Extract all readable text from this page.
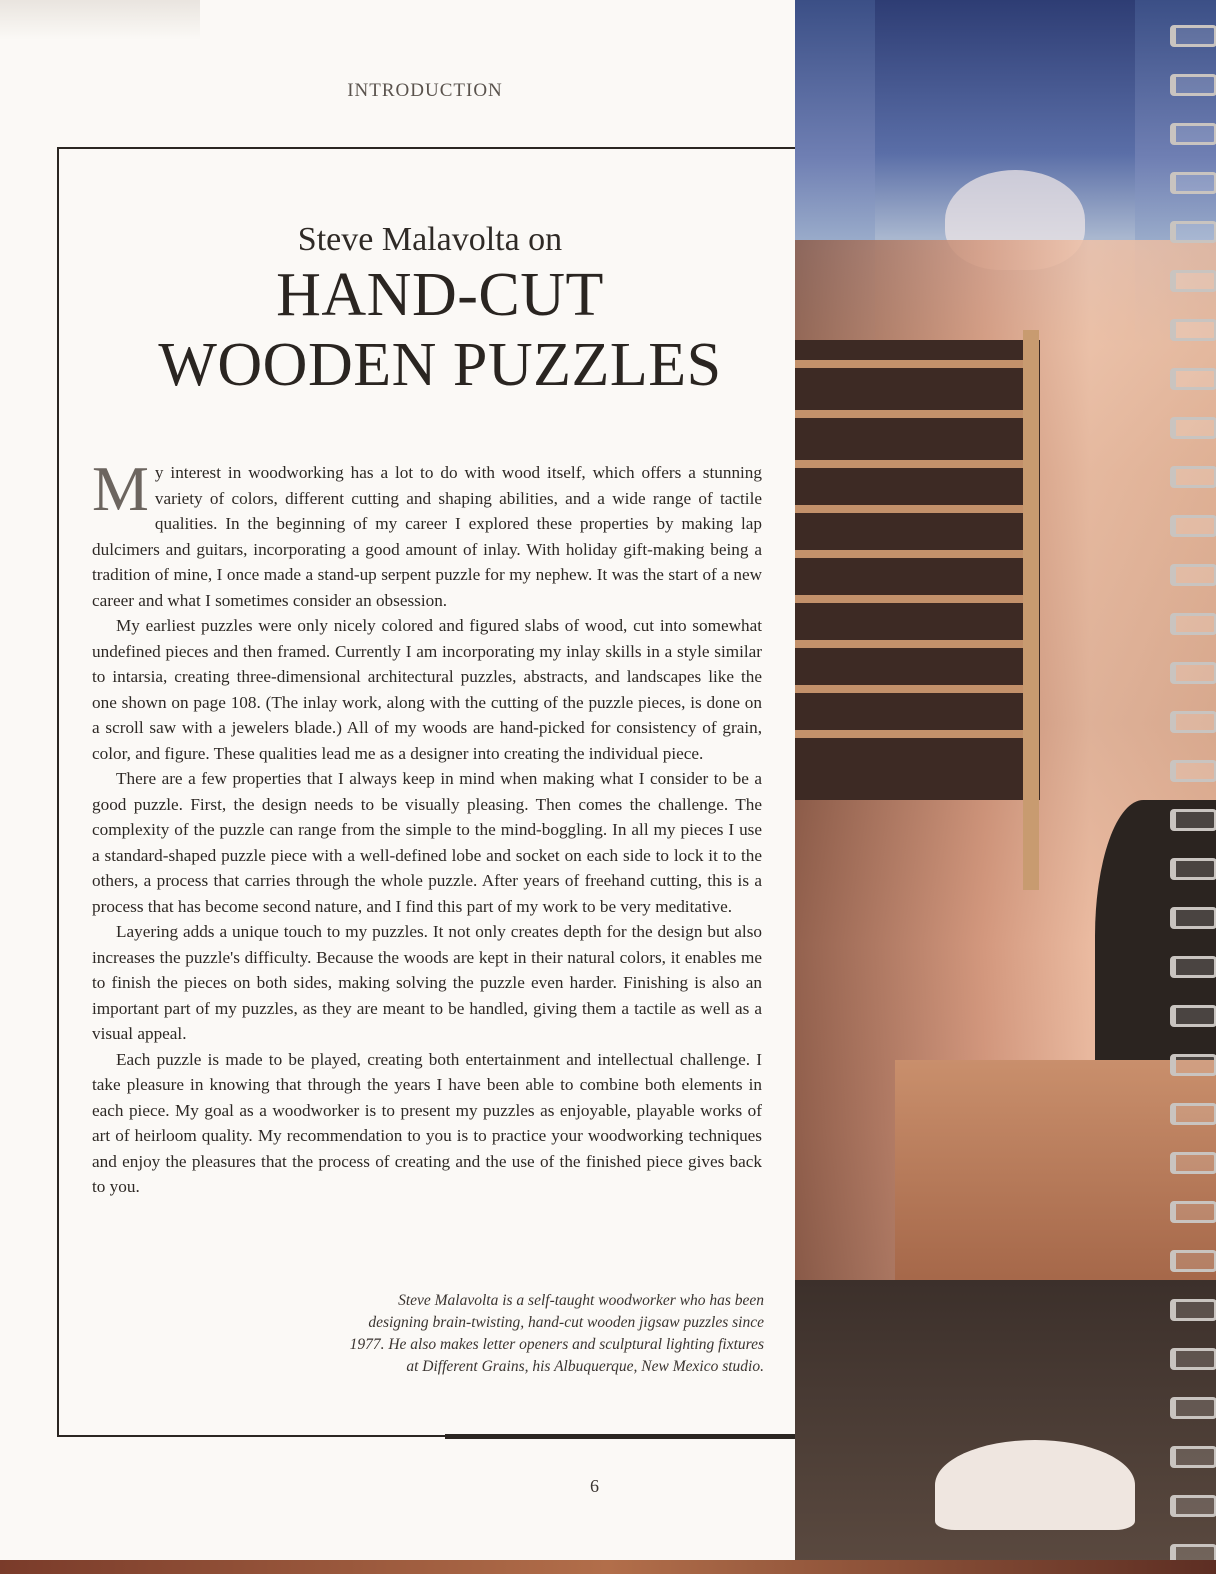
INTRODUCTION
Steve Malavolta on
HAND-CUT
WOODEN PUZZLES

My interest in woodworking has a lot to do with wood itself, which offers a stunning variety of colors, different cutting and shaping abilities, and a wide range of tactile qualities. In the beginning of my career I explored these properties by making lap dulcimers and guitars, incorporating a good amount of inlay. With holiday gift-making being a tradition of mine, I once made a stand-up serpent puzzle for my nephew. It was the start of a new career and what I sometimes consider an obsession.

My earliest puzzles were only nicely colored and figured slabs of wood, cut into somewhat undefined pieces and then framed. Currently I am incorporating my inlay skills in a style similar to intarsia, creating three-dimensional architectural puzzles, abstracts, and landscapes like the one shown on page 108. (The inlay work, along with the cutting of the puzzle pieces, is done on a scroll saw with a jewelers blade.) All of my woods are hand-picked for consistency of grain, color, and figure. These qualities lead me as a designer into creating the individual piece.

There are a few properties that I always keep in mind when making what I consider to be a good puzzle. First, the design needs to be visually pleasing. Then comes the challenge. The complexity of the puzzle can range from the simple to the mind-boggling. In all my pieces I use a standard-shaped puzzle piece with a well-defined lobe and socket on each side to lock it to the others, a process that carries through the whole puzzle. After years of freehand cutting, this is a process that has become second nature, and I find this part of my work to be very meditative.

Layering adds a unique touch to my puzzles. It not only creates depth for the design but also increases the puzzle's difficulty. Because the woods are kept in their natural colors, it enables me to finish the pieces on both sides, making solving the puzzle even harder. Finishing is also an important part of my puzzles, as they are meant to be handled, giving them a tactile as well as a visual appeal.

Each puzzle is made to be played, creating both entertainment and intellectual challenge. I take pleasure in knowing that through the years I have been able to combine both elements in each piece. My goal as a woodworker is to present my puzzles as enjoyable, playable works of art of heirloom quality. My recommendation to you is to practice your woodworking techniques and enjoy the pleasures that the process of creating and the use of the finished piece gives back to you.

Steve Malavolta is a self-taught woodworker who has been designing brain-twisting, hand-cut wooden jigsaw puzzles since 1977. He also makes letter openers and sculptural lighting fixtures at Different Grains, his Albuquerque, New Mexico studio.
6
